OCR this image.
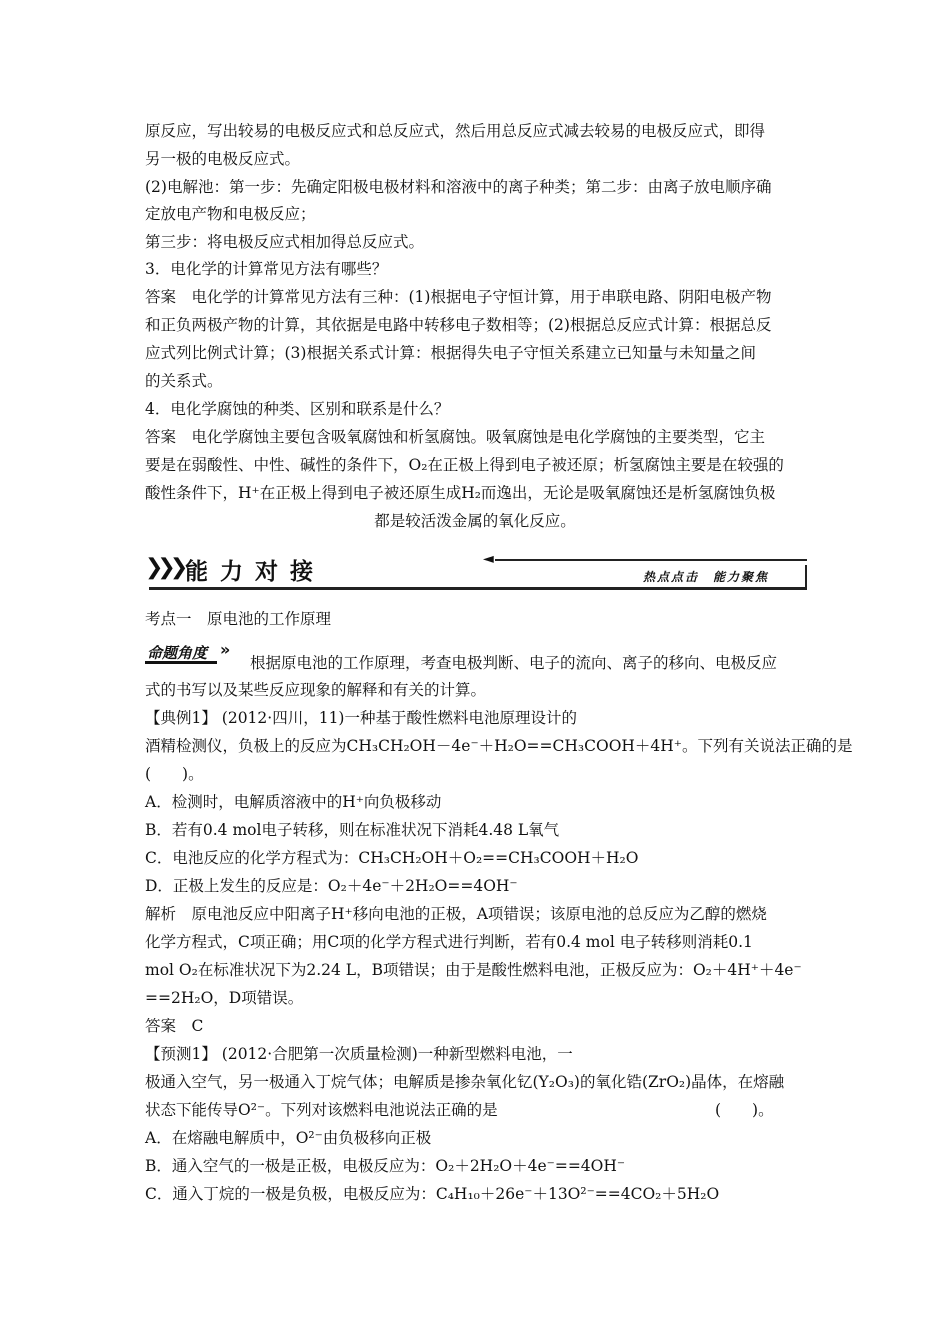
原反应，写出较易的电极反应式和总反应式，然后用总反应式减去较易的电极反应式，即得
另一极的电极反应式。
(2)电解池：第一步：先确定阳极电极材料和溶液中的离子种类；第二步：由离子放电顺序确
定放电产物和电极反应；
第三步：将电极反应式相加得总反应式。
3．电化学的计算常见方法有哪些？
答案　电化学的计算常见方法有三种：(1)根据电子守恒计算，用于串联电路、阴阳电极产物
和正负两极产物的计算，其依据是电路中转移电子数相等；(2)根据总反应式计算：根据总反
应式列比例式计算；(3)根据关系式计算：根据得失电子守恒关系建立已知量与未知量之间
的关系式。
4．电化学腐蚀的种类、区别和联系是什么？
答案　电化学腐蚀主要包含吸氧腐蚀和析氢腐蚀。吸氧腐蚀是电化学腐蚀的主要类型，它主
要是在弱酸性、中性、碱性的条件下，O₂在正极上得到电子被还原；析氢腐蚀主要是在较强的
酸性条件下，H⁺在正极上得到电子被还原生成H₂而逸出，无论是吸氧腐蚀还是析氢腐蚀负极
都是较活泼金属的氧化反应。
❯❯❯ 能力对接	◄
热点点击　能力聚焦
考点一　原电池的工作原理
命题角度 »
根据原电池的工作原理，考查电极判断、电子的流向、离子的移向、电极反应
式的书写以及某些反应现象的解释和有关的计算。
【典例1】 (2012·四川，11)一种基于酸性燃料电池原理设计的
酒精检测仪，负极上的反应为CH₃CH₂OH－4e⁻＋H₂O==CH₃COOH＋4H⁺。下列有关说法正确的是
(　　)。
A．检测时，电解质溶液中的H⁺向负极移动
B．若有0.4 mol电子转移，则在标准状况下消耗4.48 L氧气
C．电池反应的化学方程式为：CH₃CH₂OH＋O₂==CH₃COOH＋H₂O
D．正极上发生的反应是：O₂＋4e⁻＋2H₂O==4OH⁻
解析　原电池反应中阳离子H⁺移向电池的正极，A项错误；该原电池的总反应为乙醇的燃烧
化学方程式，C项正确；用C项的化学方程式进行判断，若有0.4 mol 电子转移则消耗0.1
mol O₂在标准状况下为2.24 L，B项错误；由于是酸性燃料电池，正极反应为：O₂＋4H⁺＋4e⁻
==2H₂O，D项错误。
答案　C
【预测1】 (2012·合肥第一次质量检测)一种新型燃料电池，一
极通入空气，另一极通入丁烷气体；电解质是掺杂氧化钇(Y₂O₃)的氧化锆(ZrO₂)晶体，在熔融
状态下能传导O²⁻。下列对该燃料电池说法正确的是	(　　)。
A．在熔融电解质中，O²⁻由负极移向正极
B．通入空气的一极是正极，电极反应为：O₂＋2H₂O＋4e⁻==4OH⁻
C．通入丁烷的一极是负极，电极反应为：C₄H₁₀＋26e⁻＋13O²⁻==4CO₂＋5H₂O
